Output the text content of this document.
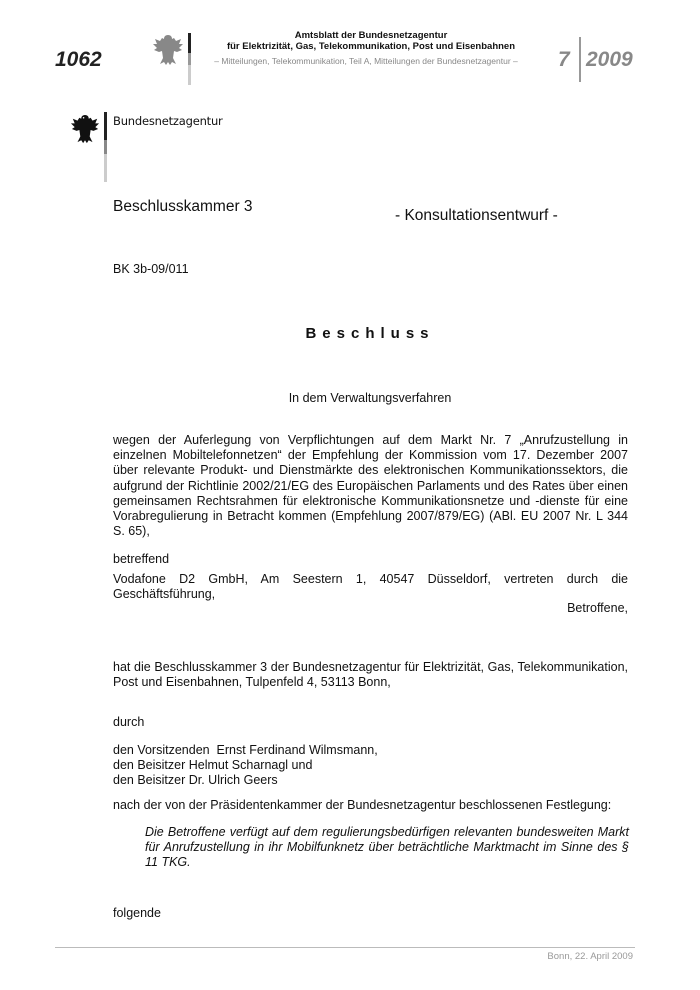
1062
Amtsblatt der Bundesnetzagentur
für Elektrizität, Gas, Telekommunikation, Post und Eisenbahnen
– Mitteilungen, Telekommunikation, Teil A, Mitteilungen der Bundesnetzagentur –	7 2009
Bundesnetzagentur
Beschlusskammer 3
- Konsultationsentwurf -
BK 3b-09/011
Beschluss
In dem Verwaltungsverfahren
wegen der Auferlegung von Verpflichtungen auf dem Markt Nr. 7 „Anrufzustellung in einzelnen Mobiltelefonnetzen“ der Empfehlung der Kommission vom 17. Dezember 2007 über relevante Produkt- und Dienstmärkte des elektronischen Kommunikationssektors, die aufgrund der Richtlinie 2002/21/EG des Europäischen Parlaments und des Rates über einen gemeinsamen Rechtsrahmen für elektronische Kommunikationsnetze und -dienste für eine Vorabregulierung in Betracht kommen (Empfehlung 2007/879/EG) (ABl. EU 2007 Nr. L 344 S. 65),
betreffend
Vodafone D2 GmbH, Am Seestern 1, 40547 Düsseldorf, vertreten durch die Geschäftsführung,
Betroffene,
hat die Beschlusskammer 3 der Bundesnetzagentur für Elektrizität, Gas, Telekommunikation, Post und Eisenbahnen, Tulpenfeld 4, 53113 Bonn,
durch
den Vorsitzenden  Ernst Ferdinand Wilmsmann,
den Beisitzer Helmut Scharnagl und
den Beisitzer Dr. Ulrich Geers
nach der von der Präsidentenkammer der Bundesnetzagentur beschlossenen Festlegung:
Die Betroffene verfügt auf dem regulierungsbedürfigen relevanten bundesweiten Markt für Anrufzustellung in ihr Mobilfunknetz über beträchtliche Marktmacht im Sinne des § 11 TKG.
folgende
Bonn, 22. April 2009
